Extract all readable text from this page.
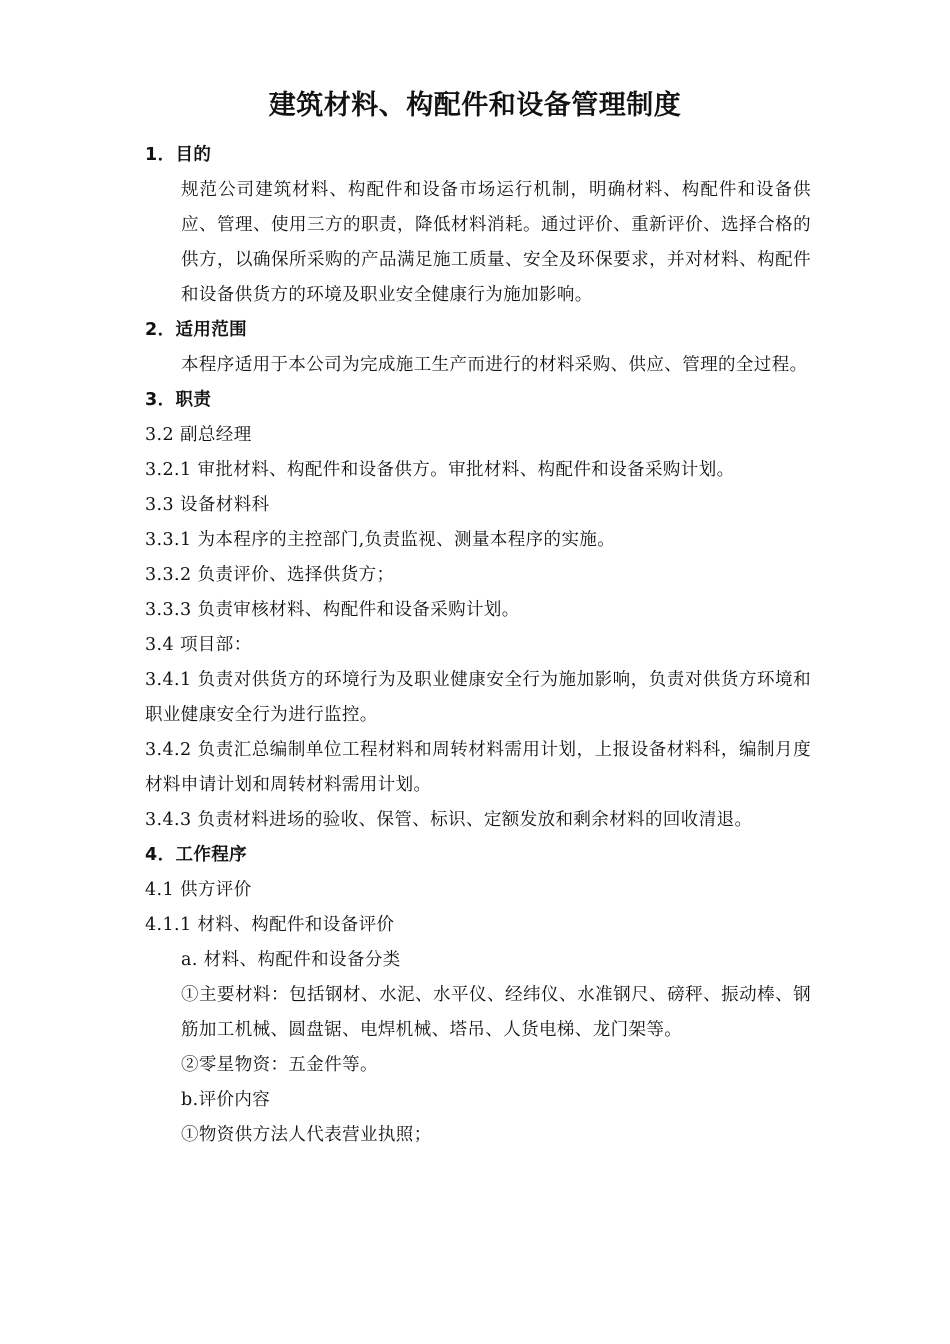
建筑材料、构配件和设备管理制度
1．目的
规范公司建筑材料、构配件和设备市场运行机制，明确材料、构配件和设备供应、管理、使用三方的职责，降低材料消耗。通过评价、重新评价、选择合格的供方，以确保所采购的产品满足施工质量、安全及环保要求，并对材料、构配件和设备供货方的环境及职业安全健康行为施加影响。
2．适用范围
本程序适用于本公司为完成施工生产而进行的材料采购、供应、管理的全过程。
3．职责
3.2 副总经理
3.2.1 审批材料、构配件和设备供方。审批材料、构配件和设备采购计划。
3.3 设备材料科
3.3.1 为本程序的主控部门,负责监视、测量本程序的实施。
3.3.2 负责评价、选择供货方；
3.3.3 负责审核材料、构配件和设备采购计划。
3.4 项目部：
3.4.1 负责对供货方的环境行为及职业健康安全行为施加影响，负责对供货方环境和职业健康安全行为进行监控。
3.4.2 负责汇总编制单位工程材料和周转材料需用计划，上报设备材料科，编制月度材料申请计划和周转材料需用计划。
3.4.3 负责材料进场的验收、保管、标识、定额发放和剩余材料的回收清退。
4．工作程序
4.1 供方评价
4.1.1 材料、构配件和设备评价
a. 材料、构配件和设备分类
①主要材料：包括钢材、水泥、水平仪、经纬仪、水准钢尺、磅秤、振动棒、钢筋加工机械、圆盘锯、电焊机械、塔吊、人货电梯、龙门架等。
②零星物资：五金件等。
b.评价内容
①物资供方法人代表营业执照；
